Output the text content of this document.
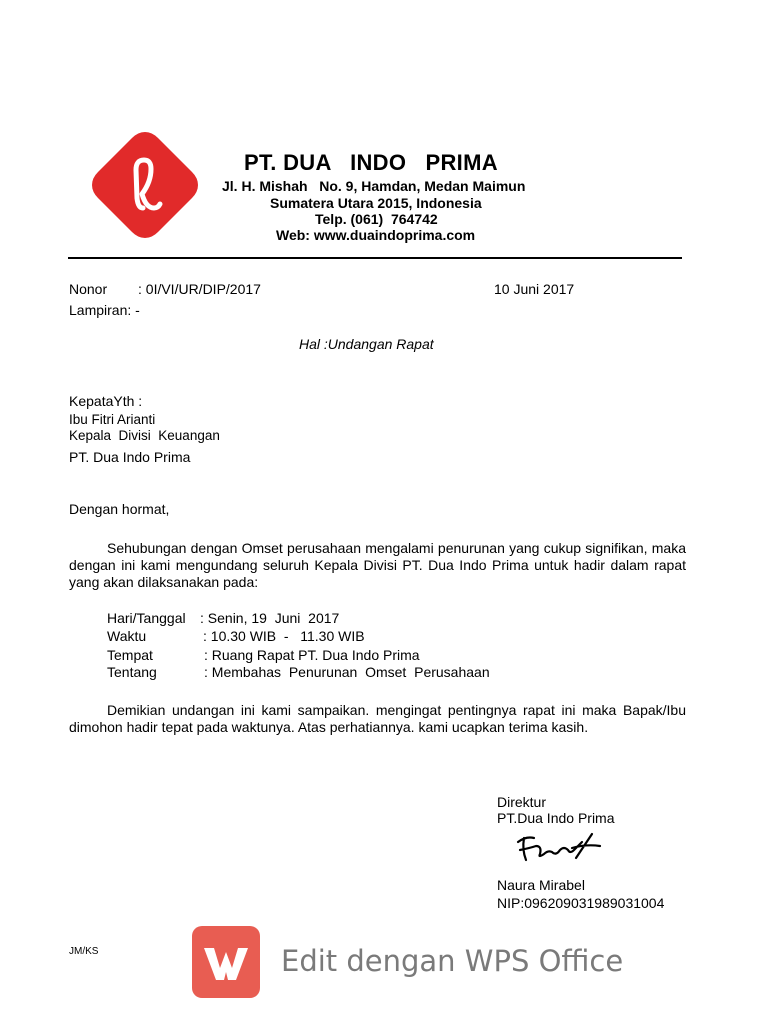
PT. DUA   INDO   PRIMA
Jl. H. Mishah   No. 9, Hamdan, Medan Maimun
Sumatera Utara 2015, Indonesia
Telp. (061)  764742
Web: www.duaindoprima.com
Nonor : 0I/VI/UR/DIP/2017	10 Juni 2017
Lampiran: -
Hal :Undangan Rapat
KepataYth :
Ibu Fitri Arianti
Kepala  Divisi  Keuangan
PT. Dua Indo Prima
Dengan hormat,
Sehubungan dengan Omset perusahaan mengalami penurunan yang cukup signifikan, maka dengan ini kami mengundang seluruh Kepala Divisi PT. Dua Indo Prima untuk hadir dalam rapat yang akan dilaksanakan pada:
Hari/Tanggal : Senin, 19  Juni  2017
Waktu	: 10.30 WIB  -   11.30 WIB
Tempat	: Ruang Rapat PT. Dua Indo Prima
Tentang	: Membahas  Penurunan  Omset  Perusahaan
Demikian undangan ini kami sampaikan. mengingat pentingnya rapat ini maka Bapak/Ibu dimohon hadir tepat pada waktunya. Atas perhatiannya. kami ucapkan terima kasih.
Direktur
PT.Dua Indo Prima
Naura Mirabel
NIP:096209031989031004
JM/KS	Edit dengan WPS Office
